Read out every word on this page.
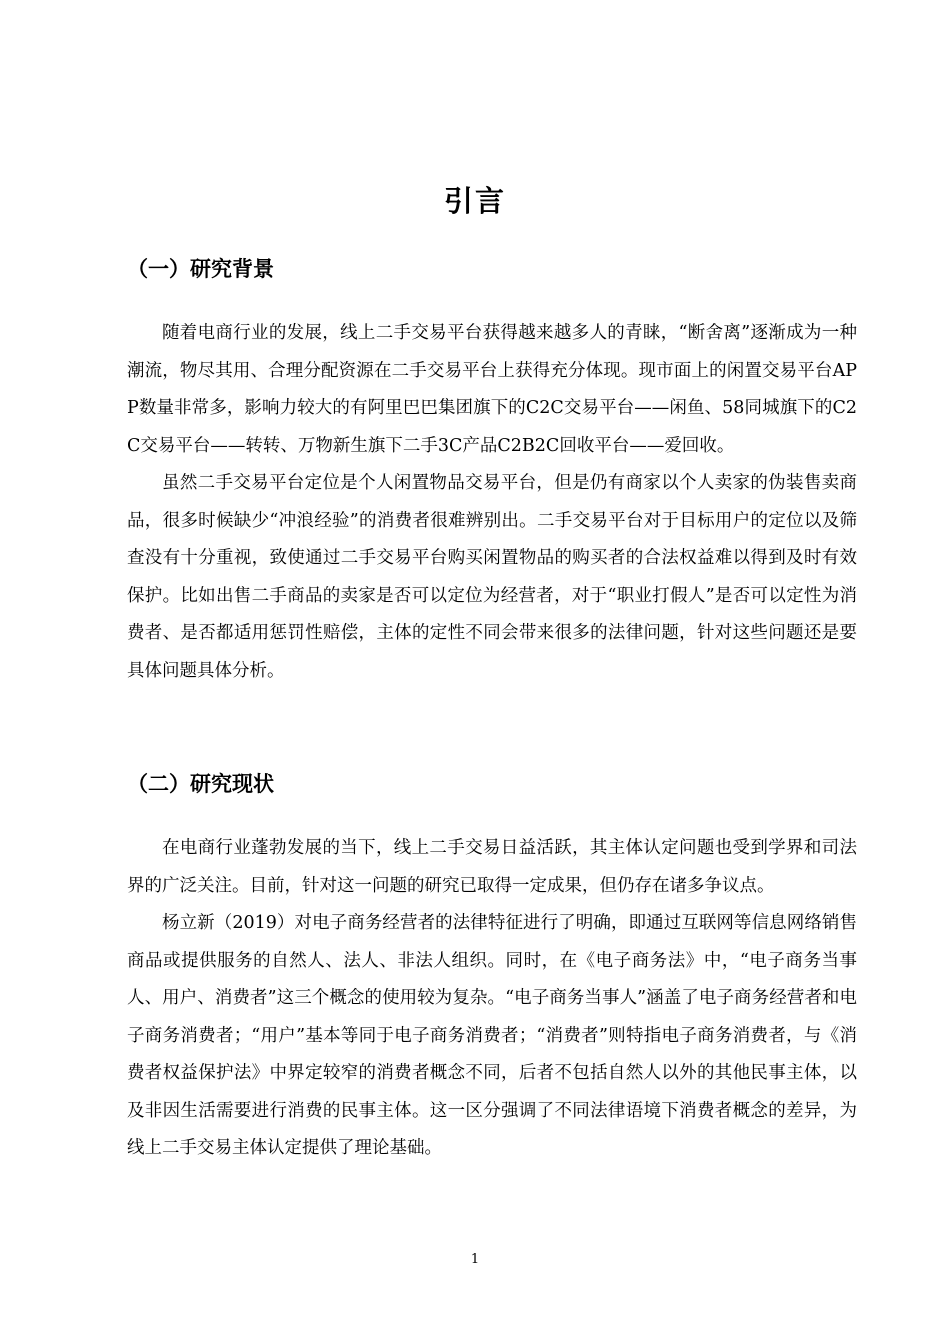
引言
（一）研究背景

随着电商行业的发展，线上二手交易平台获得越来越多人的青睐，“断舍离”逐渐成为一种潮流，物尽其用、合理分配资源在二手交易平台上获得充分体现。现市面上的闲置交易平台APP数量非常多，影响力较大的有阿里巴巴集团旗下的C2C交易平台——闲鱼、58同城旗下的C2C交易平台——转转、万物新生旗下二手3C产品C2B2C回收平台——爱回收。

虽然二手交易平台定位是个人闲置物品交易平台，但是仍有商家以个人卖家的伪装售卖商品，很多时候缺少“冲浪经验”的消费者很难辨别出。二手交易平台对于目标用户的定位以及筛查没有十分重视，致使通过二手交易平台购买闲置物品的购买者的合法权益难以得到及时有效保护。比如出售二手商品的卖家是否可以定位为经营者，对于“职业打假人”是否可以定性为消费者、是否都适用惩罚性赔偿，主体的定性不同会带来很多的法律问题，针对这些问题还是要具体问题具体分析。

（二）研究现状

在电商行业蓬勃发展的当下，线上二手交易日益活跃，其主体认定问题也受到学界和司法界的广泛关注。目前，针对这一问题的研究已取得一定成果，但仍存在诸多争议点。

杨立新（2019）对电子商务经营者的法律特征进行了明确，即通过互联网等信息网络销售商品或提供服务的自然人、法人、非法人组织。同时，在《电子商务法》中，“电子商务当事人、用户、消费者”这三个概念的使用较为复杂。“电子商务当事人”涵盖了电子商务经营者和电子商务消费者；“用户”基本等同于电子商务消费者；“消费者”则特指电子商务消费者，与《消费者权益保护法》中界定较窄的消费者概念不同，后者不包括自然人以外的其他民事主体，以及非因生活需要进行消费的民事主体。这一区分强调了不同法律语境下消费者概念的差异，为线上二手交易主体认定提供了理论基础。

1
